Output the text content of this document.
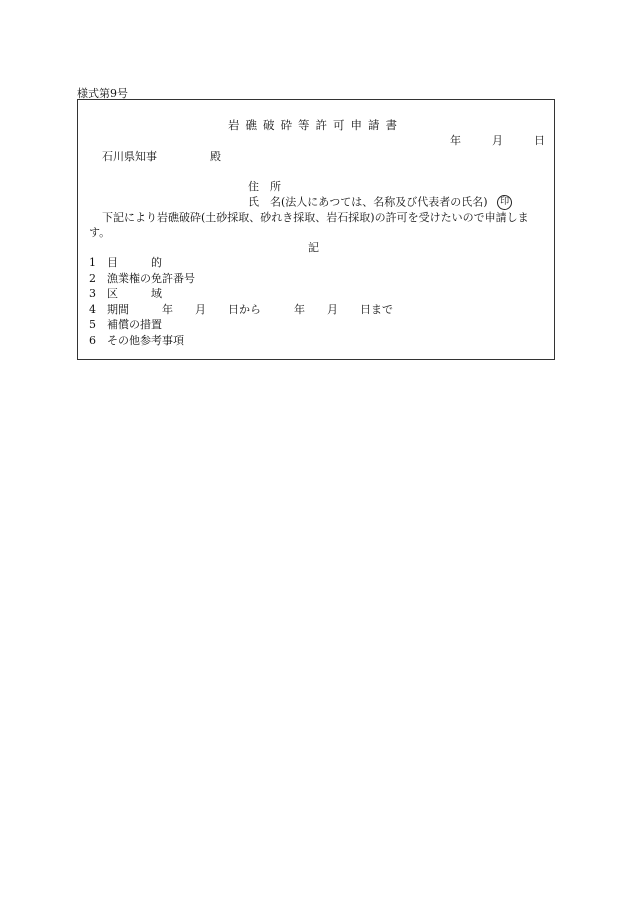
様式第9号
岩礁破砕等許可申請書
年	月	日
石川県知事	殿
住　所
氏　名(法人にあつては、名称及び代表者の氏名) 印
下記により岩礁破砕(土砂採取、砂れき採取、岩石採取)の許可を受けたいので申請します。
記
1 目　　　的
2 漁業権の免許番号
3 区　　　域
4 期間　　　年　　月　　日から　　　年　　月　　日まで
5 補償の措置
6 その他参考事項
